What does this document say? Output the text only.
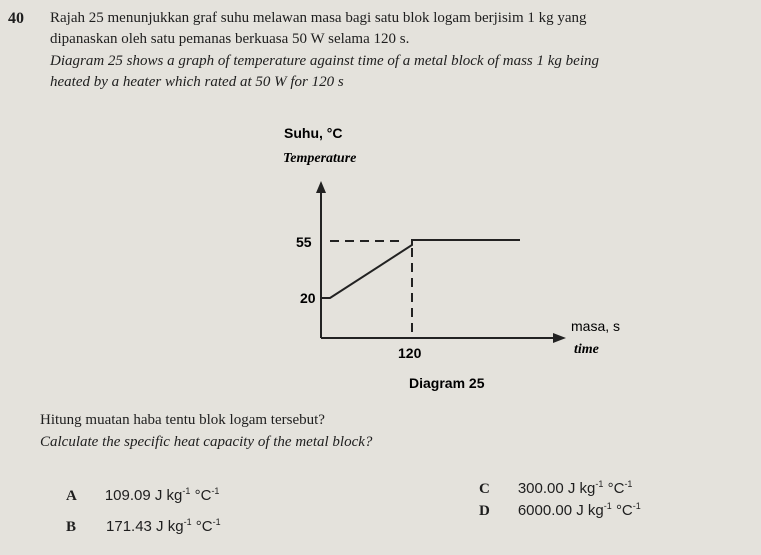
40 Rajah 25 menunjukkan graf suhu melawan masa bagi satu blok logam berjisim 1 kg yang
dipanaskan oleh satu pemanas berkuasa 50 W selama 120 s.
Diagram 25 shows a graph of temperature against time of a metal block of mass 1 kg being
heated by a heater which rated at 50 W for 120 s
55
20
120
Suhu, °C
Temperature
masa, s
time
Diagram 25
Hitung muatan haba tentu blok logam tersebut?
Calculate the specific heat capacity of the metal block?
A 109.09 J $kg^{-1}$ $^\circ C^{-1}$
B 171.43 J $kg^{-1}$ $^\circ C^{-1}$
C 300.00 J $kg^{-1}$ $^\circ C^{-1}$
D 6000.00 J $kg^{-1}$ $^\circ C^{-1}$
